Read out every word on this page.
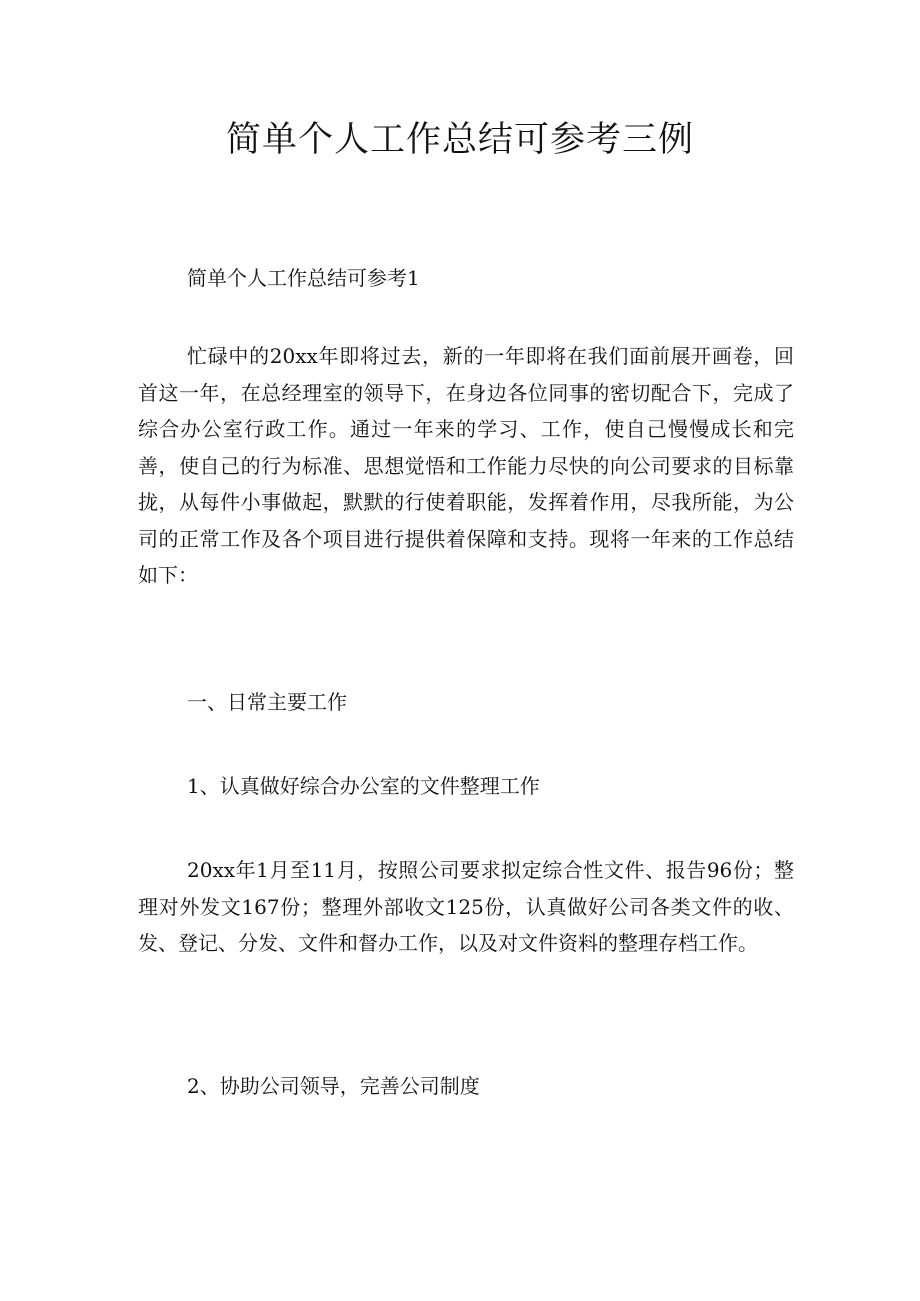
简单个人工作总结可参考三例
简单个人工作总结可参考1

忙碌中的20xx年即将过去，新的一年即将在我们面前展开画卷，回首这一年，在总经理室的领导下，在身边各位同事的密切配合下，完成了综合办公室行政工作。通过一年来的学习、工作，使自己慢慢成长和完善，使自己的行为标准、思想觉悟和工作能力尽快的向公司要求的目标靠拢，从每件小事做起，默默的行使着职能，发挥着作用，尽我所能，为公司的正常工作及各个项目进行提供着保障和支持。现将一年来的工作总结如下：

一、日常主要工作
1、认真做好综合办公室的文件整理工作

20xx年1月至11月，按照公司要求拟定综合性文件、报告96份；整理对外发文167份；整理外部收文125份，认真做好公司各类文件的收、发、登记、分发、文件和督办工作，以及对文件资料的整理存档工作。

2、协助公司领导，完善公司制度
